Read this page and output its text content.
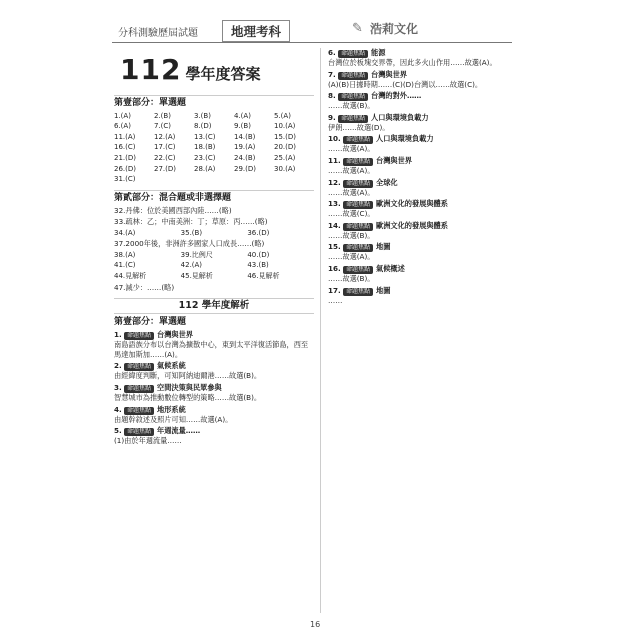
分科測驗歷屆試題	地理考科	✎ 浩莉文化
112 學年度答案
第壹部分：單選題
1.(A)	2.(B)	3.(B)	4.(A)	5.(A)
6.(A)	7.(C)	8.(D)	9.(B)	10.(A)
11.(A)	12.(A)	13.(C)	14.(B)	15.(D)
16.(C)	17.(C)	18.(B)	19.(A)	20.(D)
21.(D)	22.(C)	23.(C)	24.(B)	25.(A)
26.(D)	27.(D)	28.(A)	29.(D)	30.(A)
31.(C)
第貳部分：混合題或非選擇題
32.丹佛：位於美國西部內陸……(略)
33.疏林：乙；中南美洲：丁；草原：丙……(略)
34.(A)	35.(B)	36.(D)
37.2000年後，非洲許多國家人口成長……(略)
38.(A)	39.比例尺	40.(D)
41.(C)	42.(A)	43.(B)
44.見解析	45.見解析	46.見解析
47.減少：……(略)
112 學年度解析
第壹部分：單選題
1. 命題焦點 台灣與世界
南島語族分布以台灣為擴散中心，東到太平洋復活節島，西至馬達加斯加……(A)。
2. 命題焦點 氣候系統
由經緯度判斷，可知阿納迪爾港……故選(B)。
3. 命題焦點 空間決策與民眾參與
智慧城市為推動數位轉型的策略……故選(B)。
4. 命題焦點 地形系統
由題幹敘述及照片可知……故選(A)。
5. 命題焦點 年週流量……
(1)由於年週流量……
6. 命題焦點 能源
台灣位於板塊交界帶，因此多火山作用……故選(A)。
7. 命題焦點 台灣與世界
(A)(B)日據時期……(C)(D)台灣以……故選(C)。
8. 命題焦點 台灣的對外……
……故選(B)。
9. 命題焦點 人口與環境負載力
伊朗……故選(D)。
10. 命題焦點 人口與環境負載力
……故選(A)。
11. 命題焦點 台灣與世界
……故選(A)。
12. 命題焦點 全球化
……故選(A)。
13. 命題焦點 歐洲文化的發展與體系
……故選(C)。
14. 命題焦點 歐洲文化的發展與體系
……故選(B)。
15. 命題焦點 地圖
……故選(A)。
16. 命題焦點 氣候概述
……故選(B)。
17. 命題焦點 地圖
……
16
